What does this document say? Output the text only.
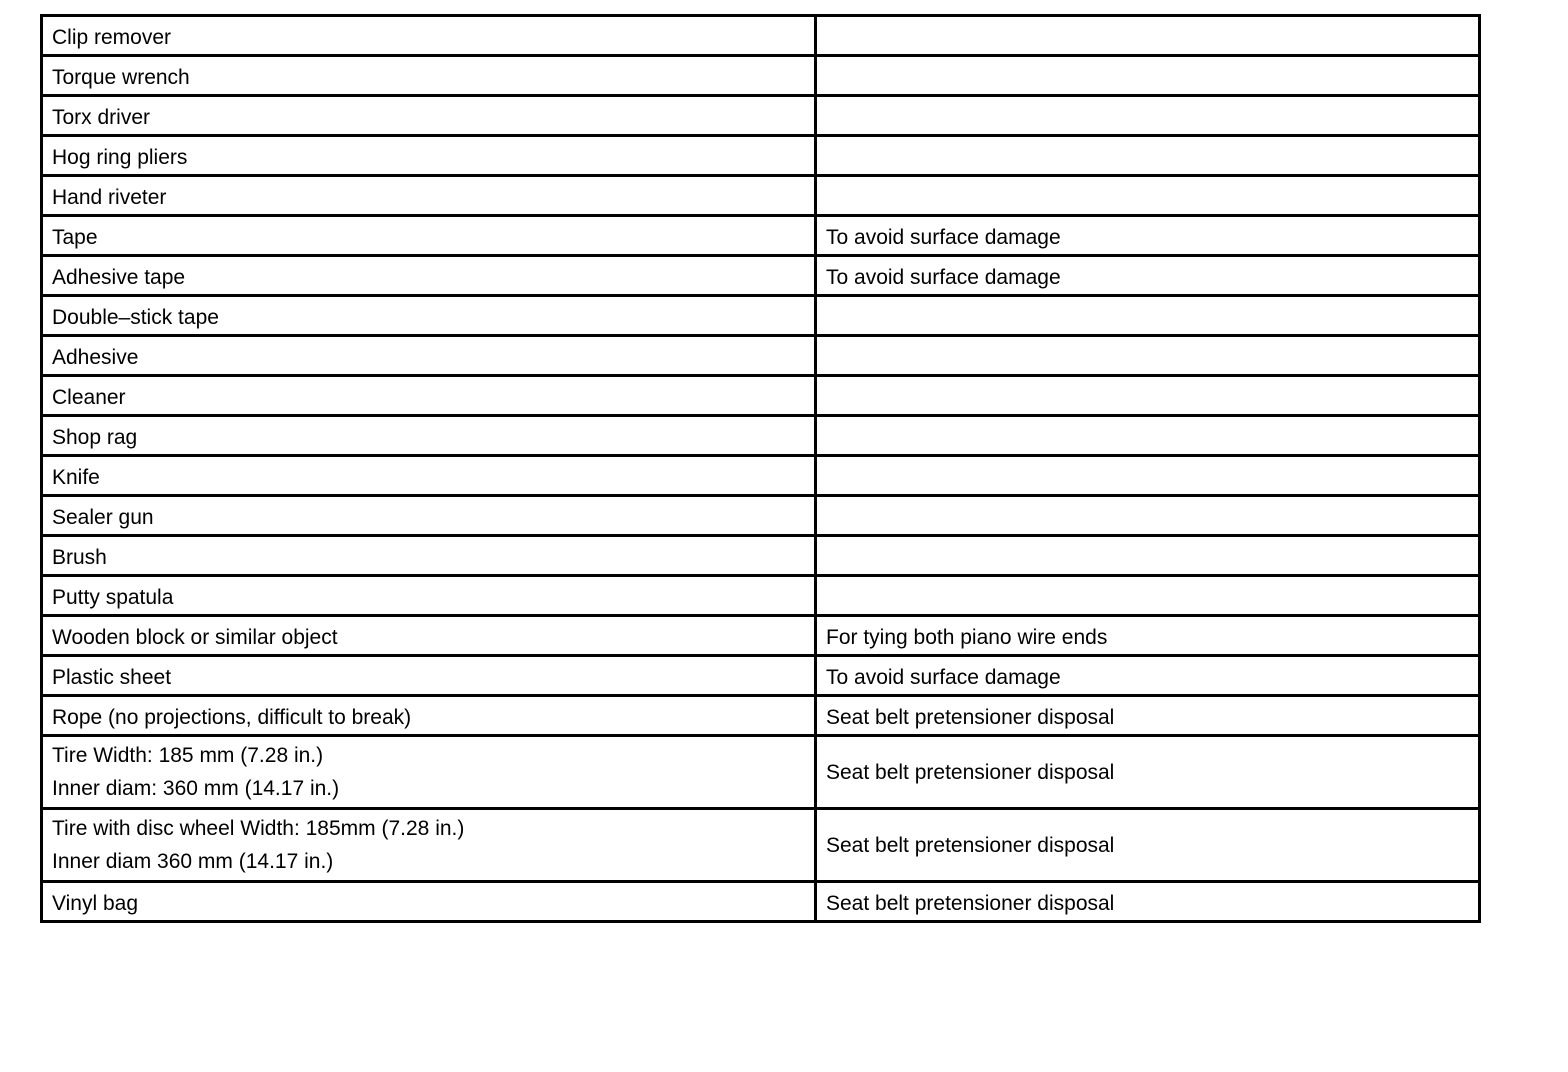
Clip remover	
Torque wrench	
Torx driver	
Hog ring pliers	
Hand riveter	
Tape	To avoid surface damage
Adhesive tape	To avoid surface damage
Double–stick tape	
Adhesive	
Cleaner	
Shop rag	
Knife	
Sealer gun	
Brush	
Putty spatula	
Wooden block or similar object	For tying both piano wire ends
Plastic sheet	To avoid surface damage
Rope (no projections, difficult to break)	Seat belt pretensioner disposal

Tire Width: 185 mm (7.28 in.)
Inner diam: 360 mm (14.17 in.)	Seat belt pretensioner disposal

Tire with disc wheel Width: 185mm (7.28 in.)
Inner diam 360 mm (14.17 in.)	Seat belt pretensioner disposal
Vinyl bag	Seat belt pretensioner disposal
